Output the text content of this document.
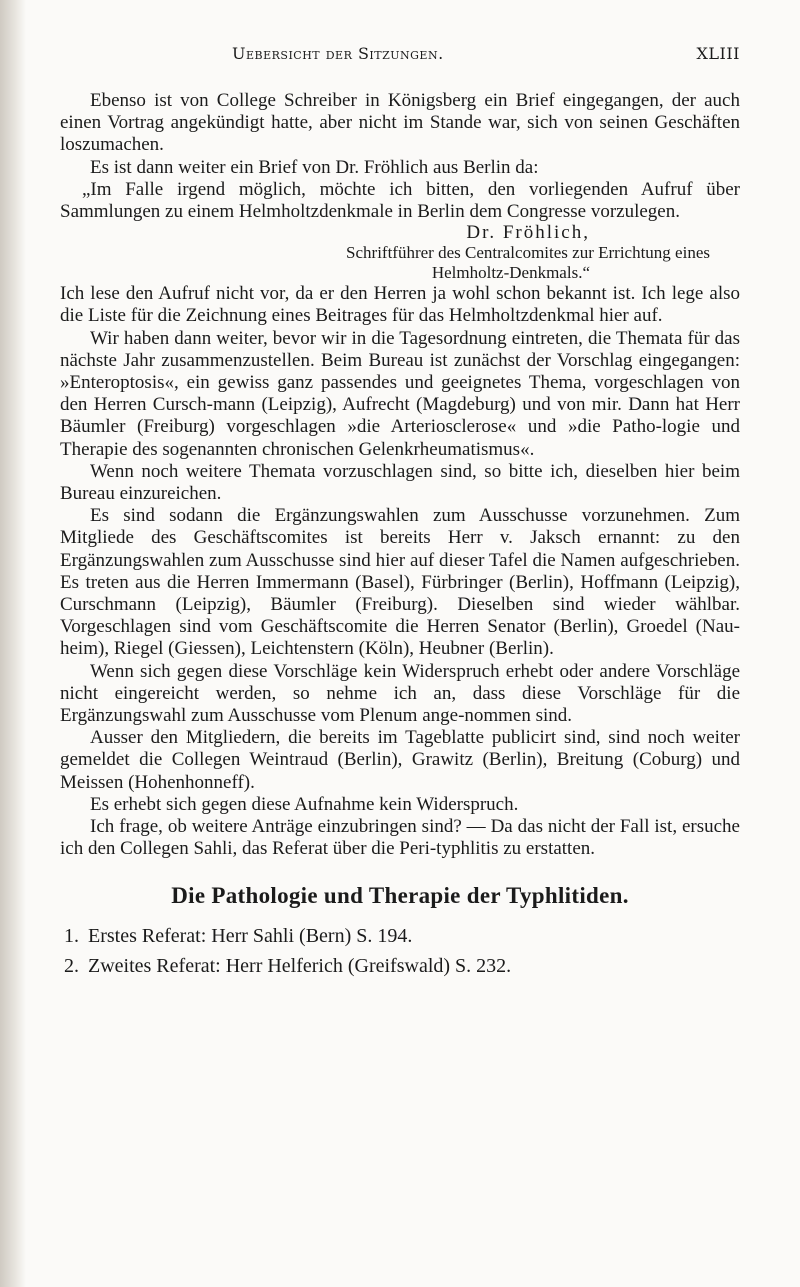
Uebersicht der Sitzungen.	XLIII

Ebenso ist von College Schreiber in Königsberg ein Brief eingegangen, der auch einen Vortrag angekündigt hatte, aber nicht im Stande war, sich von seinen Geschäften loszumachen.

Es ist dann weiter ein Brief von Dr. Fröhlich aus Berlin da:

„Im Falle irgend möglich, möchte ich bitten, den vorliegenden Aufruf über Sammlungen zu einem Helmholtzdenkmale in Berlin dem Congresse vorzulegen.

Dr. Fröhlich,
Schriftführer des Centralcomites zur Errichtung eines
Helmholtz-Denkmals.“

Ich lese den Aufruf nicht vor, da er den Herren ja wohl schon bekannt ist. Ich lege also die Liste für die Zeichnung eines Beitrages für das Helmholtzdenkmal hier auf.

Wir haben dann weiter, bevor wir in die Tagesordnung eintreten, die Themata für das nächste Jahr zusammenzustellen. Beim Bureau ist zunächst der Vorschlag eingegangen: »Enteroptosis«, ein gewiss ganz passendes und geeignetes Thema, vorgeschlagen von den Herren Cursch-mann (Leipzig), Aufrecht (Magdeburg) und von mir. Dann hat Herr Bäumler (Freiburg) vorgeschlagen »die Arteriosclerose« und »die Patho-logie und Therapie des sogenannten chronischen Gelenkrheumatismus«.

Wenn noch weitere Themata vorzuschlagen sind, so bitte ich, dieselben hier beim Bureau einzureichen.

Es sind sodann die Ergänzungswahlen zum Ausschusse vorzunehmen. Zum Mitgliede des Geschäftscomites ist bereits Herr v. Jaksch ernannt: zu den Ergänzungswahlen zum Ausschusse sind hier auf dieser Tafel die Namen aufgeschrieben. Es treten aus die Herren Immermann (Basel), Fürbringer (Berlin), Hoffmann (Leipzig), Curschmann (Leipzig), Bäumler (Freiburg). Dieselben sind wieder wählbar. Vorgeschlagen sind vom Geschäftscomite die Herren Senator (Berlin), Groedel (Nau-heim), Riegel (Giessen), Leichtenstern (Köln), Heubner (Berlin).

Wenn sich gegen diese Vorschläge kein Widerspruch erhebt oder andere Vorschläge nicht eingereicht werden, so nehme ich an, dass diese Vorschläge für die Ergänzungswahl zum Ausschusse vom Plenum ange-nommen sind.

Ausser den Mitgliedern, die bereits im Tageblatte publicirt sind, sind noch weiter gemeldet die Collegen Weintraud (Berlin), Grawitz (Berlin), Breitung (Coburg) und Meissen (Hohenhonneff).

Es erhebt sich gegen diese Aufnahme kein Widerspruch.

Ich frage, ob weitere Anträge einzubringen sind? — Da das nicht der Fall ist, ersuche ich den Collegen Sahli, das Referat über die Peri-typhlitis zu erstatten.

Die Pathologie und Therapie der Typhlitiden.
1. Erstes Referat: Herr Sahli (Bern) S. 194.
2. Zweites Referat: Herr Helferich (Greifswald) S. 232.
